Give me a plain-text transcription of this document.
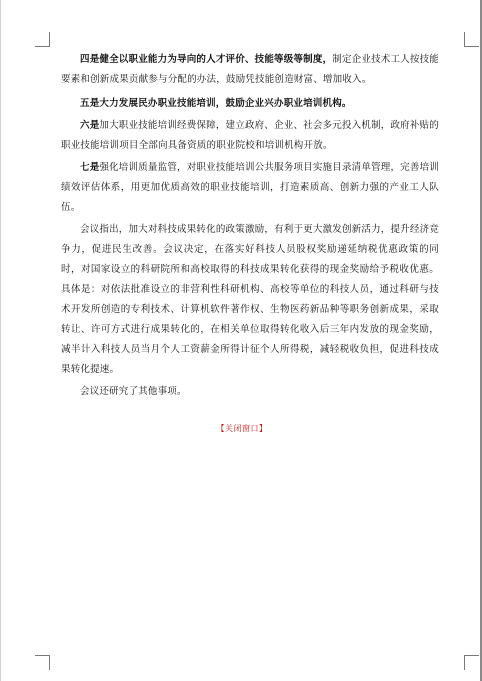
四是健全以职业能力为导向的人才评价、技能等级等制度，制定企业技术工人按技能要素和创新成果贡献参与分配的办法，鼓励凭技能创造财富、增加收入。

五是大力发展民办职业技能培训，鼓励企业兴办职业培训机构。

六是加大职业技能培训经费保障，建立政府、企业、社会多元投入机制，政府补贴的职业技能培训项目全部向具备资质的职业院校和培训机构开放。

七是强化培训质量监管，对职业技能培训公共服务项目实施目录清单管理，完善培训绩效评估体系，用更加优质高效的职业技能培训，打造素质高、创新力强的产业工人队伍。

会议指出，加大对科技成果转化的政策激励，有利于更大激发创新活力，提升经济竞争力，促进民生改善。会议决定，在落实好科技人员股权奖励递延纳税优惠政策的同时，对国家设立的科研院所和高校取得的科技成果转化获得的现金奖励给予税收优惠。具体是：对依法批准设立的非营利性科研机构、高校等单位的科技人员，通过科研与技术开发所创造的专利技术、计算机软件著作权、生物医药新品种等职务创新成果，采取转让、许可方式进行成果转化的，在相关单位取得转化收入后三年内发放的现金奖励，减半计入科技人员当月个人工资薪金所得计征个人所得税，减轻税收负担，促进科技成果转化提速。

会议还研究了其他事项。

【关闭窗口】
